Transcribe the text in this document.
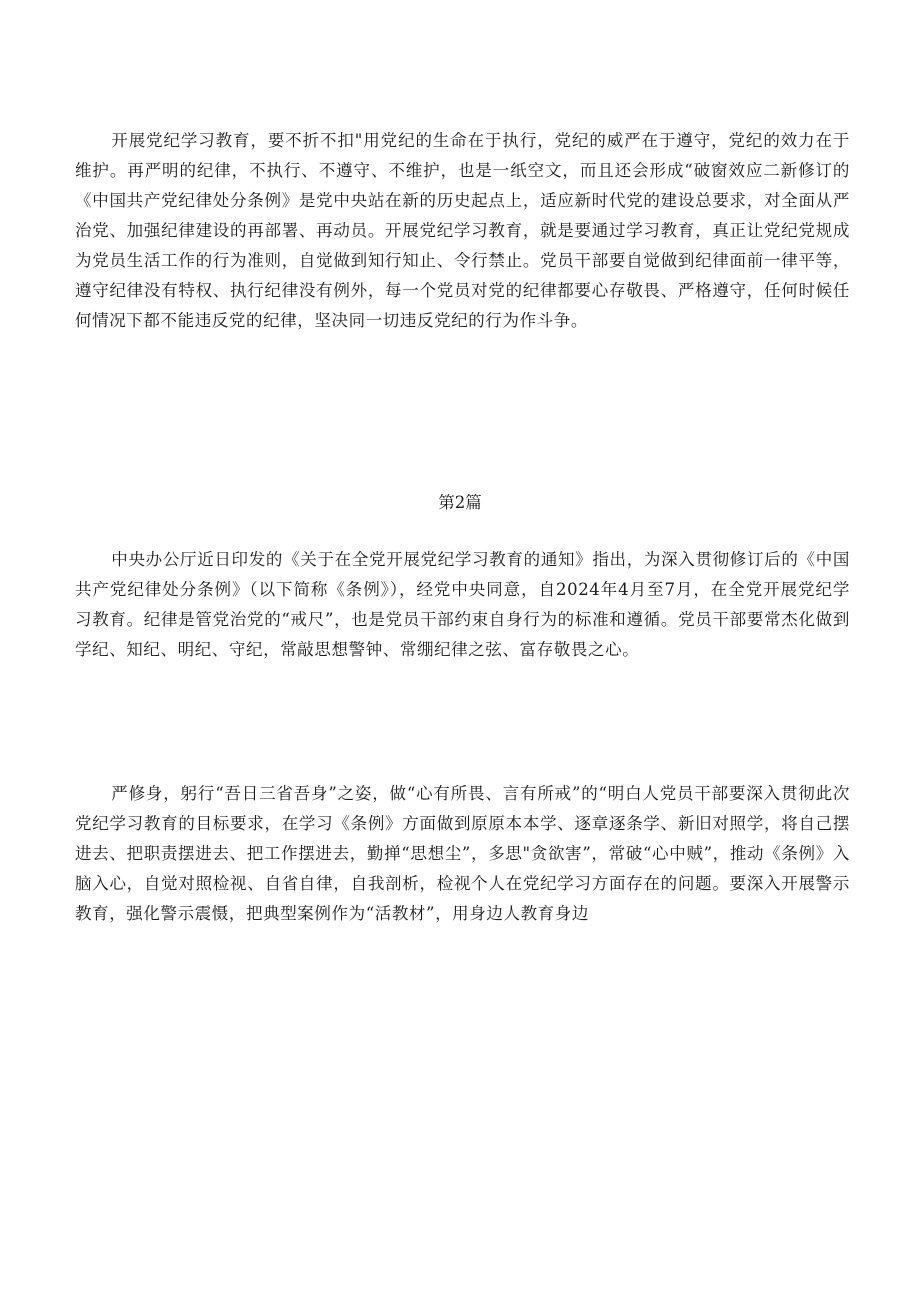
开展党纪学习教育，要不折不扣"用党纪的生命在于执行，党纪的威严在于遵守，党纪的效力在于维护。再严明的纪律，不执行、不遵守、不维护，也是一纸空文，而且还会形成“破窗效应二新修订的《中国共产党纪律处分条例》是党中央站在新的历史起点上，适应新时代党的建设总要求，对全面从严治党、加强纪律建设的再部署、再动员。开展党纪学习教育，就是要通过学习教育，真正让党纪党规成为党员生活工作的行为准则，自觉做到知行知止、令行禁止。党员干部要自觉做到纪律面前一律平等，遵守纪律没有特权、执行纪律没有例外，每一个党员对党的纪律都要心存敬畏、严格遵守，任何时候任何情况下都不能违反党的纪律，坚决同一切违反党纪的行为作斗争。

第2篇

中央办公厅近日印发的《关于在全党开展党纪学习教育的通知》指出，为深入贯彻修订后的《中国共产党纪律处分条例》（以下简称《条例》），经党中央同意，自2024年4月至7月，在全党开展党纪学习教育。纪律是管党治党的“戒尺”，也是党员干部约束自身行为的标准和遵循。党员干部要常杰化做到学纪、知纪、明纪、守纪，常敲思想警钟、常绷纪律之弦、富存敬畏之心。

严修身，躬行“吾日三省吾身”之姿，做“心有所畏、言有所戒”的“明白人党员干部要深入贯彻此次党纪学习教育的目标要求，在学习《条例》方面做到原原本本学、逐章逐条学、新旧对照学，将自己摆进去、把职责摆进去、把工作摆进去，勤掸“思想尘”，多思"贪欲害”，常破“心中贼”，推动《条例》入脑入心，自觉对照检视、自省自律，自我剖析，检视个人在党纪学习方面存在的问题。要深入开展警示教育，强化警示震慑，把典型案例作为“活教材”，用身边人教育身边
